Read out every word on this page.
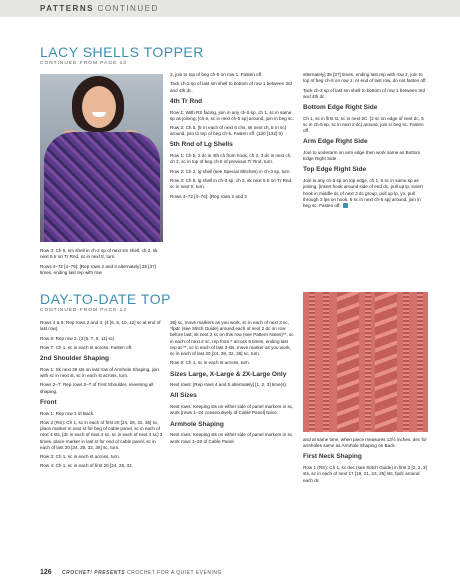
PATTERNS CONTINUED
LACY SHELLS TOPPER
CONTINUED FROM PAGE 13

Row 3: Ch 5, sm shell in ch-2 sp of next sm shell, ch 2, sk next 5 tr on Tr Rnd, sc in next tr, turn.

Rows 4–72 [4–76]: [Rep rows 2 and 3 alternately] 35 [37] times, ending last rep with row

2, join to top of beg ch-5 on row 1. Fasten off.

Tack ch-2 sp of last sm shell to bottom of row 1 between 3rd and 4th dc.

4th Tr Rnd

Row 1: With RS facing, join in any ch-5 sp, ch 1, sc in same sp as joining, [ch 6, sc in next ch-5 sp] around, join in beg sc.

Row 2: Ch 5, [tr in each of next 5 chs, sk next ch, tr in sc] around, join to top of beg ch-5. Fasten off. (120 [132] tr)

5th Rnd of Lg Shells

Row 1: Ch 5, 2 dc in 4th ch from hook, ch 3, 3 dc in next ch, ch 2, sc in top of beg ch-5 of previous Tr Rnd, turn.

Row 2: Ch 2, lg shell (see Special Stitches) in ch-3 sp, turn.

Row 3: Ch 5, lg shell in ch-3 sp, ch 2, sk next 5 tr on Tr Rnd, sc in next tr, turn.

Rows 4–72 [4–76]: [Rep rows 2 and 3

alternately] 35 [37] times, ending last rep with row 2, join to top of beg ch-5 on row 1. At end of last row, do not fasten off.

Tack ch-2 sp of last sm shell to bottom of row 1 between 3rd and 4th dc.

Bottom Edge Right Side

Ch 1, sc in first st, sc in next 2C. [2 sc on edge of next dc, 5 sc in ch-5 sp, sc in next 2 dc] around, join in beg sc. Fasten off.

Arm Edge Right Side

Join to underarm on arm edge then work same as Bottom Edge Right Side

Top Edge Right Side

Join in any ch-5 sp on top edge, ch 1, 5 sc in same sp as joining, [insert hook around side of end dc, pull up lp, insert hook in middle dc of next 3 dc group, pull up lp, yo, pull through 3 lps on hook, 5 sc in next ch-5 sp] around, join in beg sc. Fasten off.

DAY-TO-DATE TOP
CONTINUED FROM PAGE 14

Rows 4 & 5: Rep rows 2 and 3. (4 [6, 8, 10, 12] sc at end of last row)

Row 6: Rep row 2. (3 [5, 7, 9, 11] sc)

Row 7: Ch 1, sc in each st across. Fasten off.

2nd Shoulder Shaping

Row 1: Sk next 36 sts on last row of Armhole Shaping, join with sc in next st, sc in each st across, turn.

Rows 2–7: Rep rows 2–7 of First Shoulder, reversing all shaping.

Front

Row 1: Rep row 1 of Back.

Row 2 (RS): Ch 1, sc in each of first 20 [24, 28, 32, 36] sc, place marker in next st for beg of cable panel, sc in each of next 4 sts, [dc in each of next 4 sc, sc in each of next 4 sc] 3 times, place marker in last st for end of cable panel, sc in each of last 20 [24, 28, 32, 36] sc, turn.

Row 3: Ch 1, sc in each st across, turn.

Row 4: Ch 1, sc in each of first 20 [24, 28, 32,

36] sc, move markers as you work, sc in each of next 3 sc, *fpdc (see Stitch Guide) around each of next 2 dc on row before last, sk next 2 sc on this row (see Pattern Notes)**, sc in each of next 2 sc, rep from * across 6 times, ending last rep at **, sc in each of last 3 sts, move marker as you work, sc in each of last 20 [24, 28, 32, 36] sc, turn.

Row 5: Ch 1, sc in each st across, turn.

Sizes Large, X-Large & 2X-Large Only

Next rows: [Rep rows 4 and 5 alternately] [1, 2, 3] time(s).

All Sizes

Next rows: Keeping sts on either side of panel markers in sc, work [rows 1–24 consecutively of Cable Panel] twice.

Armhole Shaping

Next rows: Keeping sts on either side of panel markers in sc, work rows 1–20 of Cable Panel	and at same time, when piece measures 13½ inches, dec for armholes same as Armhole Shaping on Back.

First Neck Shaping

Row 1 (RS): Ch 1, sc dec (see Stitch Guide) in first 2 [2, 2, 3] sts, sc in each of next 17 [19, 21, 23, 25] sts, fpdc around each dc

126 CROCHET! PRESENTS CROCHET FOR A QUIET EVENING
